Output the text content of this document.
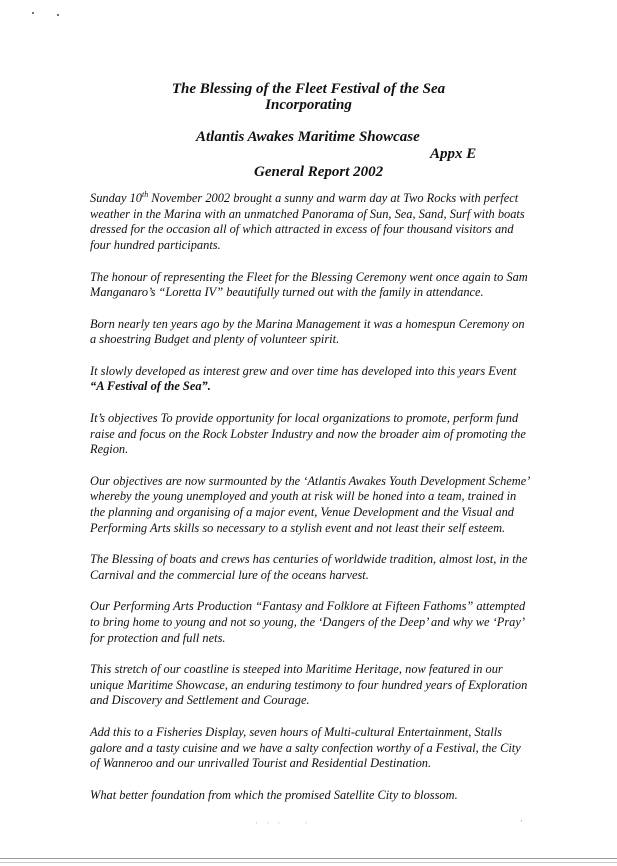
The Blessing of the Fleet Festival of the Sea
Incorporating
Atlantis Awakes Maritime Showcase
Appx E
General Report 2002

Sunday 10th November 2002 brought a sunny and warm day at Two Rocks with perfect weather in the Marina with an unmatched Panorama of Sun, Sea, Sand, Surf with boats dressed for the occasion all of which attracted in excess of four thousand visitors and four hundred participants.

The honour of representing the Fleet for the Blessing Ceremony went once again to Sam Manganaro’s “Loretta IV” beautifully turned out with the family in attendance.

Born nearly ten years ago by the Marina Management it was a homespun Ceremony on a shoestring Budget and plenty of volunteer spirit.

It slowly developed as interest grew and over time has developed into this years Event
“A Festival of the Sea”.

It’s objectives To provide opportunity for local organizations to promote, perform fund raise and focus on the Rock Lobster Industry and now the broader aim of promoting the Region.

Our objectives are now surmounted by the ‘Atlantis Awakes Youth Development Scheme’ whereby the young unemployed and youth at risk will be honed into a team, trained in the planning and organising of a major event, Venue Development and the Visual and Performing Arts skills so necessary to a stylish event and not least their self esteem.

The Blessing of boats and crews has centuries of worldwide tradition, almost lost, in the Carnival and the commercial lure of the oceans harvest.

Our Performing Arts Production “Fantasy and Folklore at Fifteen Fathoms” attempted to bring home to young and not so young, the ‘Dangers of the Deep’ and why we ‘Pray’ for protection and full nets.

This stretch of our coastline is steeped into Maritime Heritage, now featured in our unique Maritime Showcase, an enduring testimony to four hundred years of Exploration and Discovery and Settlement and Courage.

Add this to a Fisheries Display, seven hours of Multi-cultural Entertainment, Stalls galore and a tasty cuisine and we have a salty confection worthy of a Festival, the City of Wanneroo and our unrivalled Tourist and Residential Destination.

What better foundation from which the promised Satellite City to blossom.

· · ·    ·	·
